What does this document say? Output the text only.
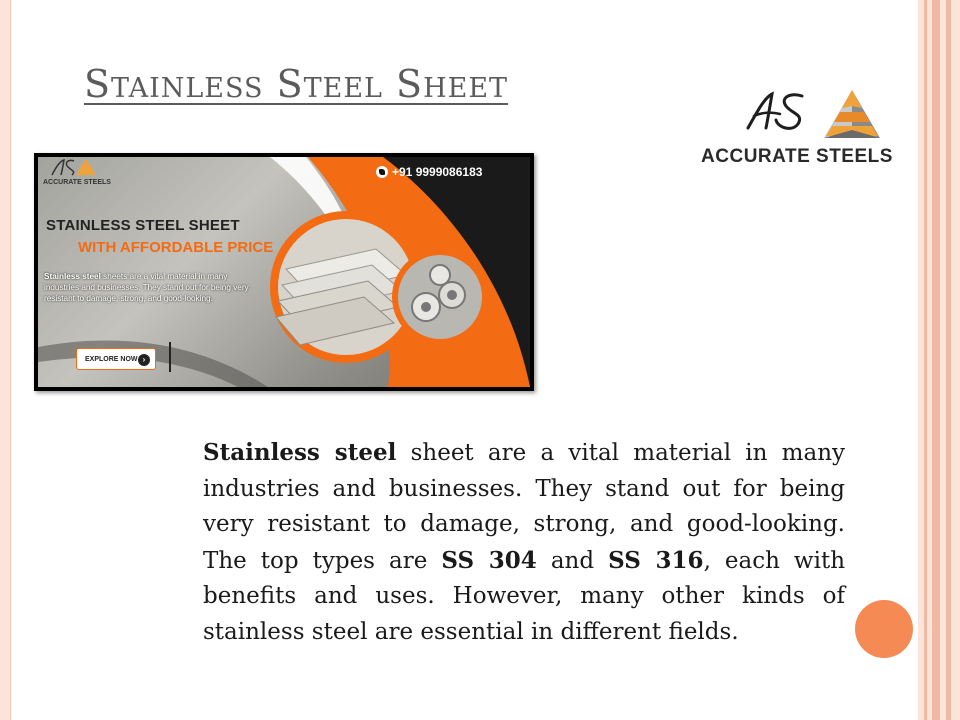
Stainless Steel Sheet
ACCURATE STEELS
ACCURATE STEELS
+91 9999086183
STAINLESS STEEL SHEET
WITH AFFORDABLE PRICE
Stainless steel sheets are a vital material in many industries and businesses. They stand out for being very resistant to damage, strong, and good-looking.
EXPLORE NOW ›

Stainless steel sheet are a vital material in many industries and businesses. They stand out for being very resistant to damage, strong, and good-looking. The top types are SS 304 and SS 316, each with benefits and uses. However, many other kinds of stainless steel are essential in different fields.
